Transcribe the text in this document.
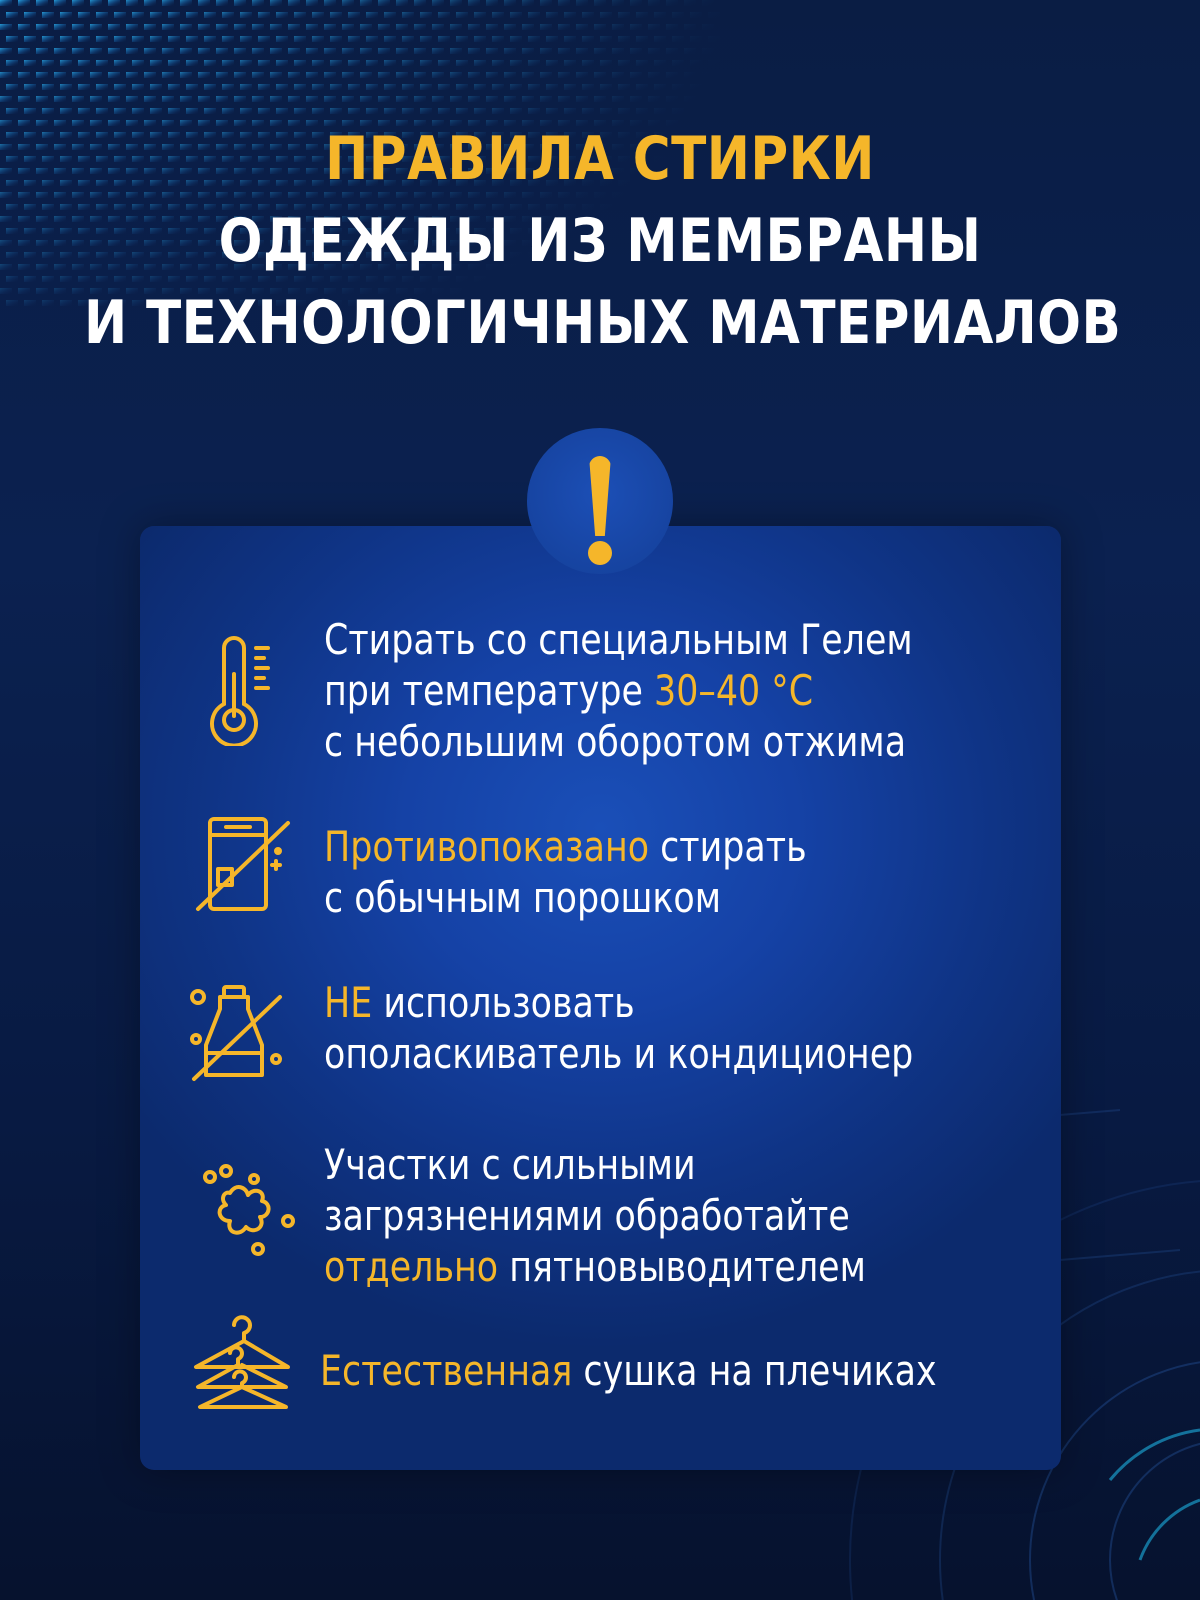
ПРАВИЛА СТИРКИ
ОДЕЖДЫ ИЗ МЕМБРАНЫ
И ТЕХНОЛОГИЧНЫХ МАТЕРИАЛОВ
Стирать со специальным Гелем
при температуре 30–40 °C
с небольшим оборотом отжима
Противопоказано стирать
с обычным порошком
НЕ использовать
ополаскиватель и кондиционер
Участки с сильными
загрязнениями обработайте
отдельно пятновыводителем
Естественная сушка на плечиках
